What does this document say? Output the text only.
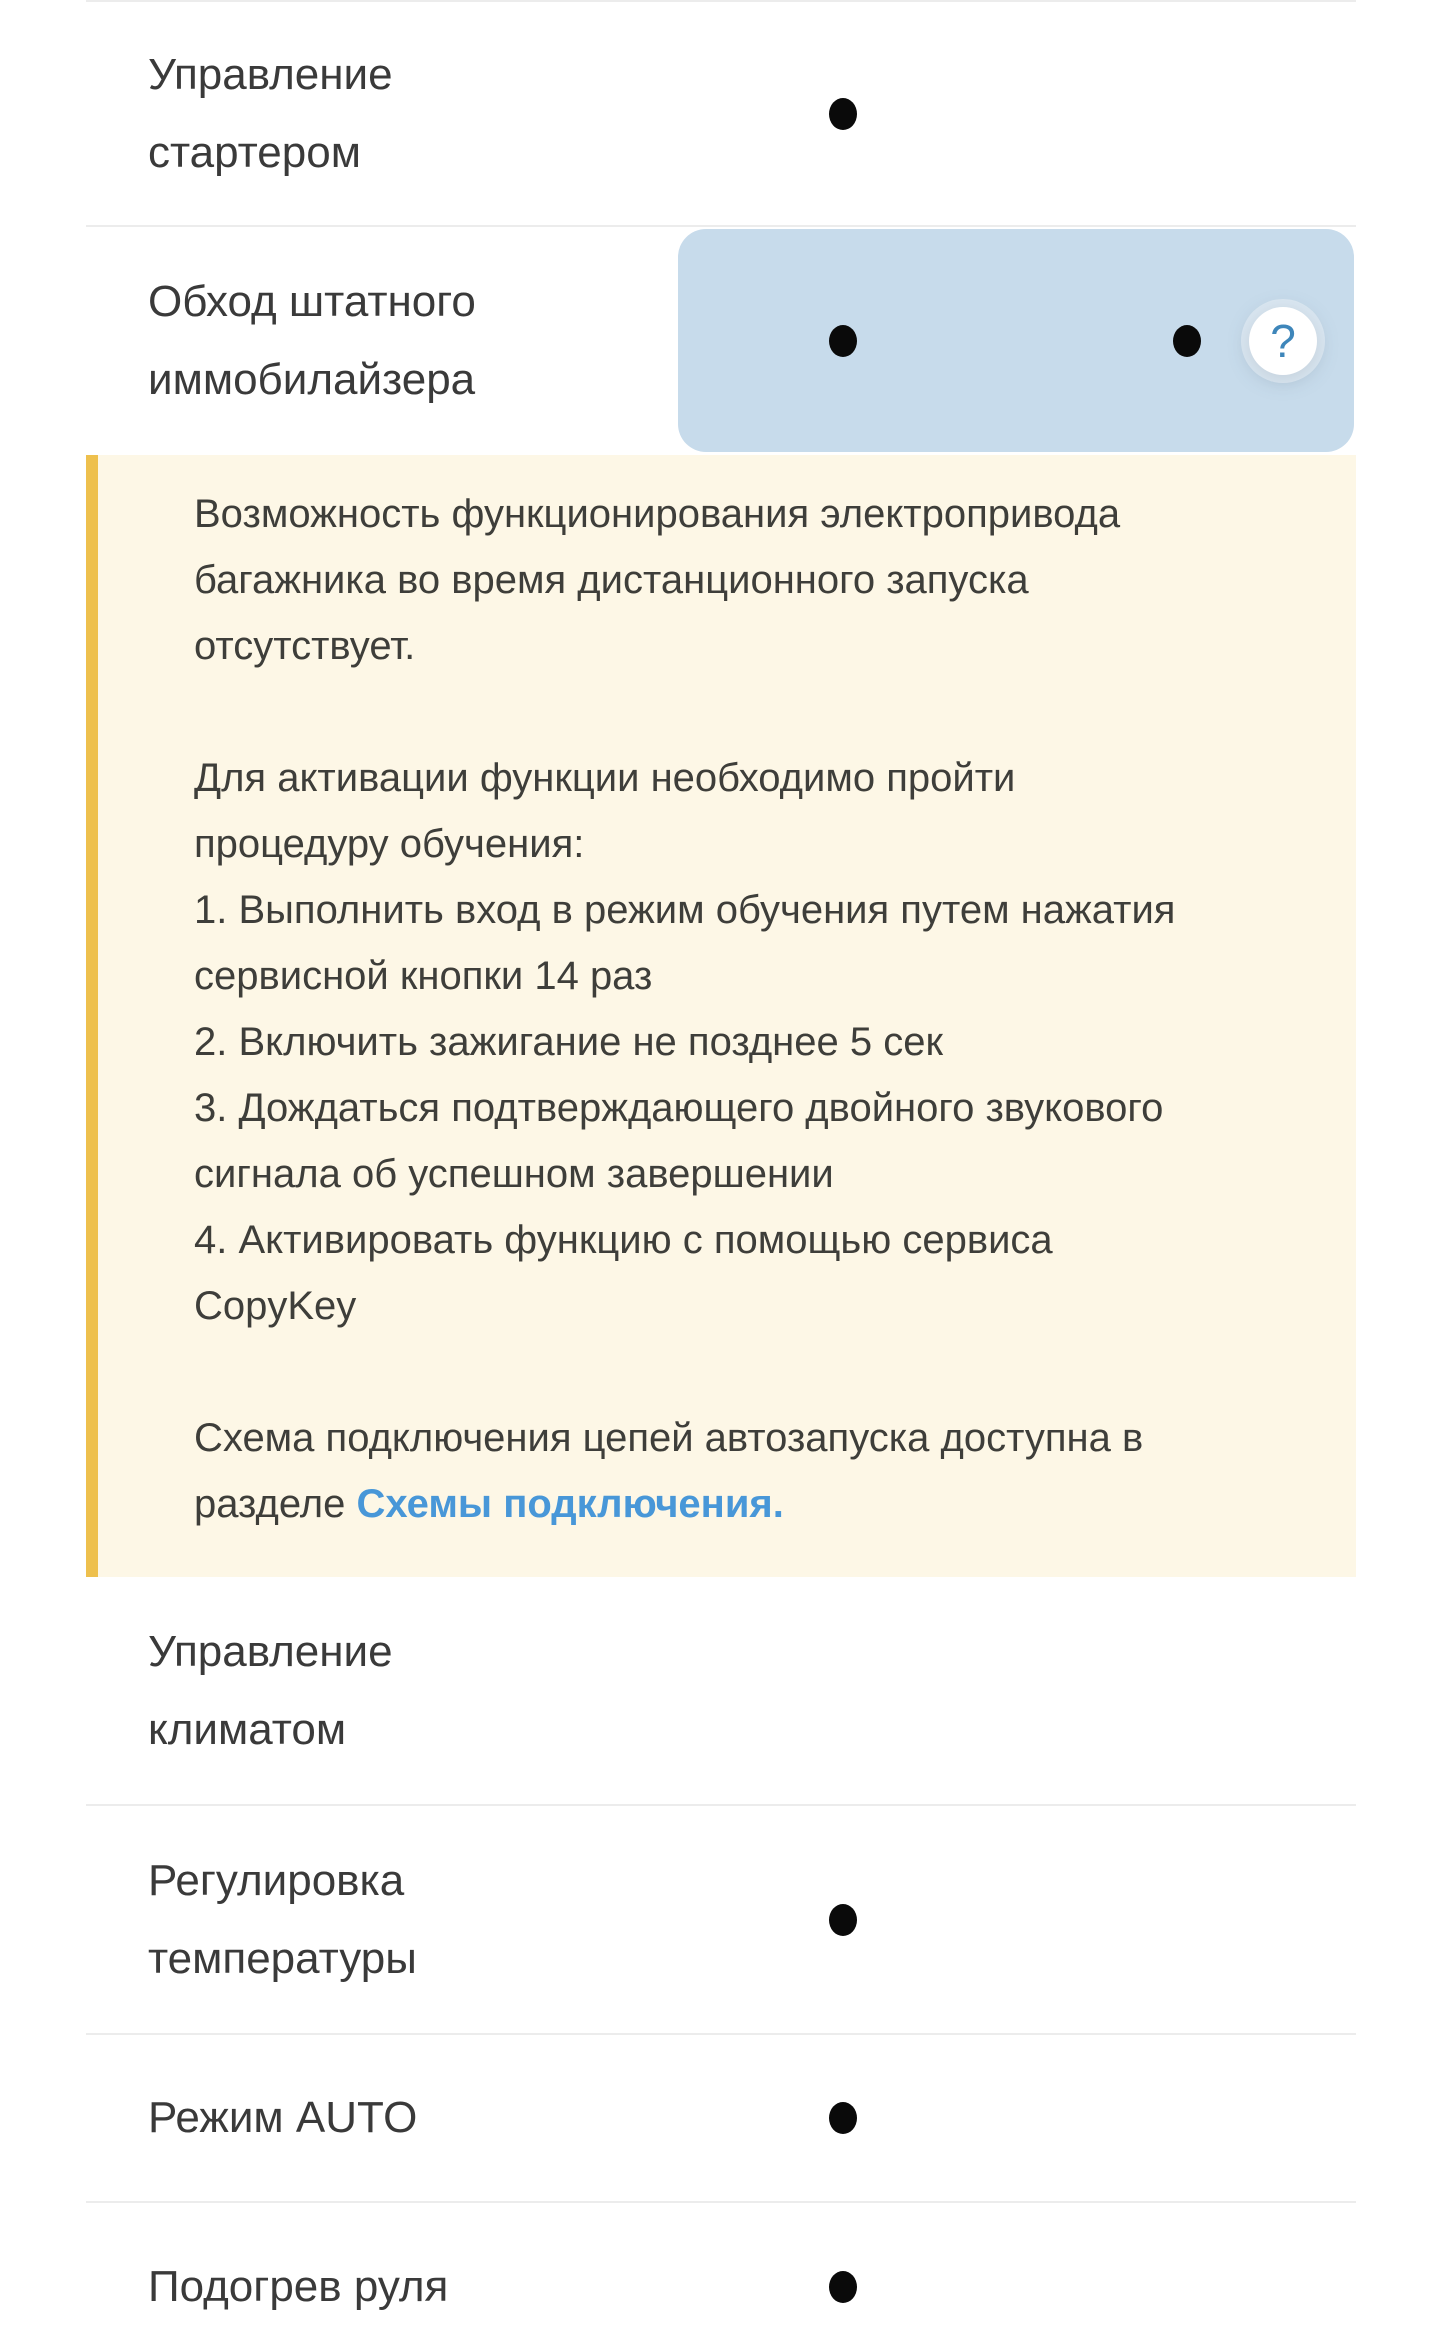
Управление стартером
Обход штатного иммобилайзера
?
Возможность функционирования электропривода багажника во время дистанционного запуска отсутствует.
Для активации функции необходимо пройти процедуру обучения:
1. Выполнить вход в режим обучения путем нажатия сервисной кнопки 14 раз
2. Включить зажигание не позднее 5 сек
3. Дождаться подтверждающего двойного звукового сигнала об успешном завершении
4. Активировать функцию с помощью сервиса CopyKey
Схема подключения цепей автозапуска доступна в разделе Схемы подключения.
Управление климатом
Регулировка температуры
Режим AUTO
Подогрев руля
